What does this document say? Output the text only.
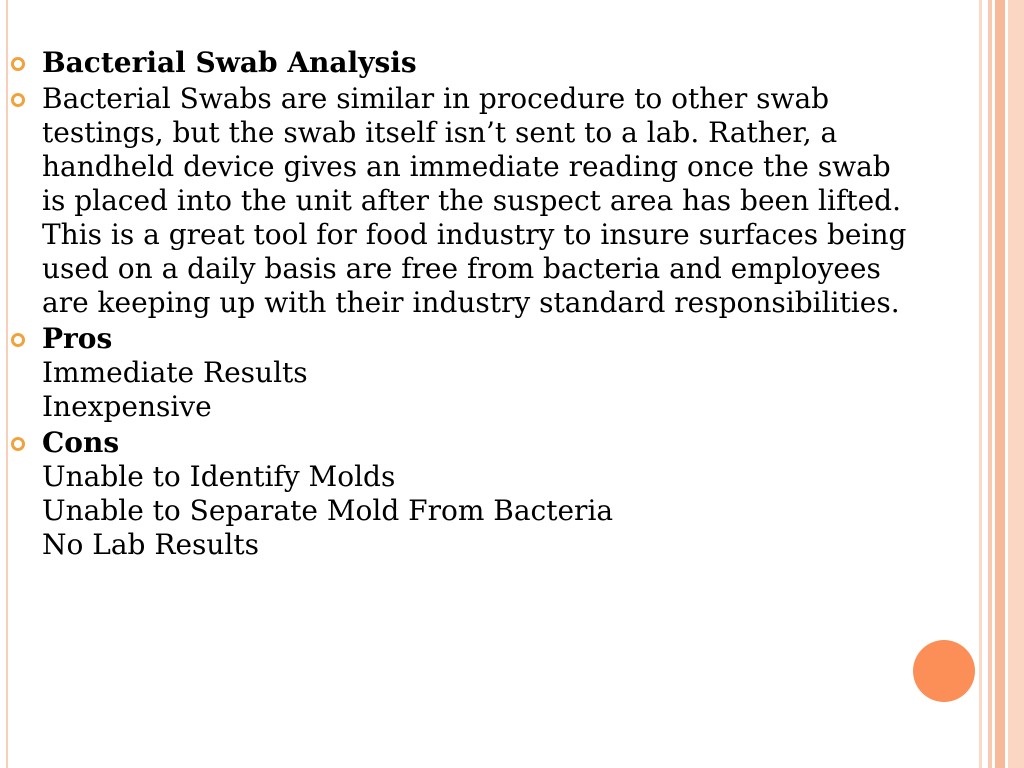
Bacterial Swab Analysis
Bacterial Swabs are similar in procedure to other swab testings, but the swab itself isn’t sent to a lab. Rather, a handheld device gives an immediate reading once the swab is placed into the unit after the suspect area has been lifted. This is a great tool for food industry to insure surfaces being used on a daily basis are free from bacteria and employees are keeping up with their industry standard responsibilities.
Pros
Immediate Results
Inexpensive
Cons
Unable to Identify Molds
Unable to Separate Mold From Bacteria
No Lab Results
